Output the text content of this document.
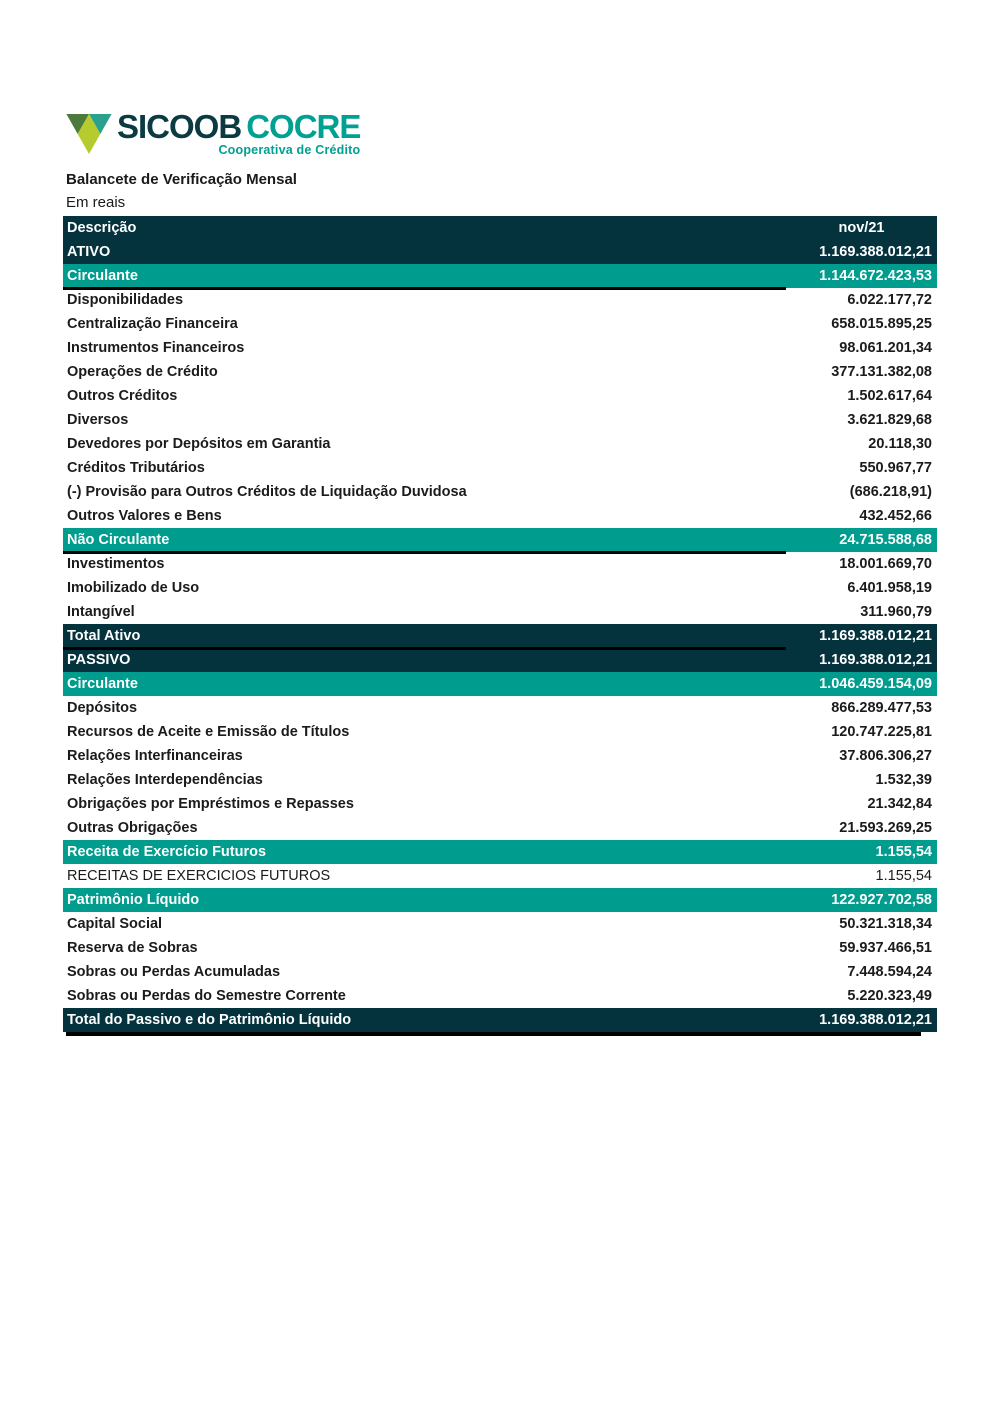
SICOOB COCRE
Cooperativa de Crédito
Balancete de Verificação Mensal
Em reais
Descrição	nov/21
ATIVO	1.169.388.012,21
Circulante	1.144.672.423,53
Disponibilidades	6.022.177,72
Centralização Financeira	658.015.895,25
Instrumentos Financeiros	98.061.201,34
Operações de Crédito	377.131.382,08
Outros Créditos	1.502.617,64
Diversos	3.621.829,68
Devedores por Depósitos em Garantia	20.118,30
Créditos Tributários	550.967,77
(-) Provisão para Outros Créditos de Liquidação Duvidosa	(686.218,91)
Outros Valores e Bens	432.452,66
Não Circulante	24.715.588,68
Investimentos	18.001.669,70
Imobilizado de Uso	6.401.958,19
Intangível	311.960,79
Total Ativo	1.169.388.012,21
PASSIVO	1.169.388.012,21
Circulante	1.046.459.154,09
Depósitos	866.289.477,53
Recursos de Aceite e Emissão de Títulos	120.747.225,81
Relações Interfinanceiras	37.806.306,27
Relações Interdependências	1.532,39
Obrigações por Empréstimos e Repasses	21.342,84
Outras Obrigações	21.593.269,25
Receita de Exercício Futuros	1.155,54
RECEITAS DE EXERCICIOS FUTUROS	1.155,54
Patrimônio Líquido	122.927.702,58
Capital Social	50.321.318,34
Reserva de Sobras	59.937.466,51
Sobras ou Perdas Acumuladas	7.448.594,24
Sobras ou Perdas do Semestre Corrente	5.220.323,49
Total do Passivo e do Patrimônio Líquido	1.169.388.012,21
